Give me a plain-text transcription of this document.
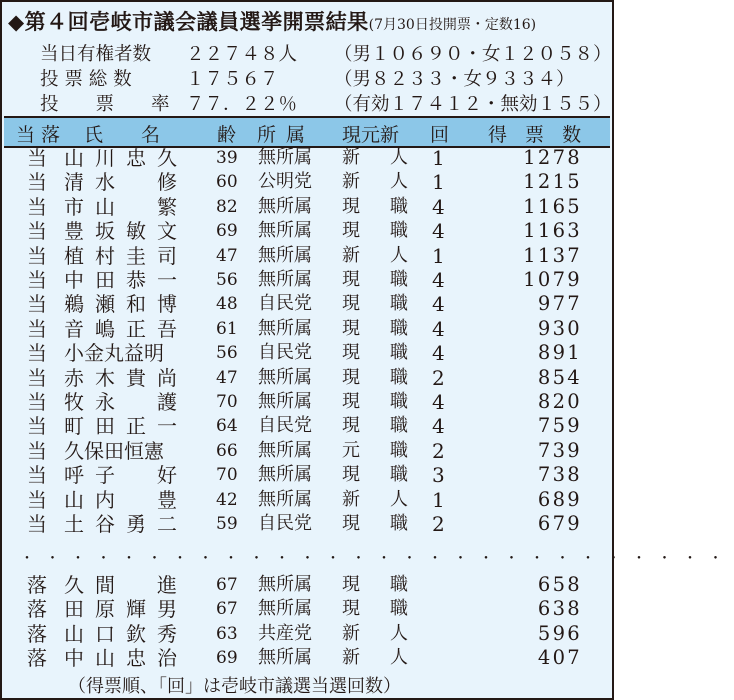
◆第４回壱岐市議会議員選挙開票結果(7月30日投開票・定数16)
当日有権者数 ２２７４８人 （男１０６９０・女１２０５８）
投 票 総 数	１７５６７	（男８２３３・女９３３４）
投　　票　　率 ７７．２２％ （有効１７４１２・無効１５５）
当落 氏　　名	齢 所属 現元新 回 得 票 数
当 山川忠久 39 無所属 新　人 1	1278
当 清水　修 60 公明党 新　人 1	1215
当 市山　繁 82 無所属 現　職 4	1165
当 豊坂敏文 69 無所属 現　職 4	1163
当 植村圭司 47 無所属 新　人 1	1137
当 中田恭一 56 無所属 現　職 4	1079
当 鵜瀬和博 48 自民党 現　職 4	977
当 音嶋正吾 61 無所属 現　職 4	930
当 小金丸益明	56 自民党 現　職 4	891
当 赤木貴尚 47 無所属 現　職 2	854
当 牧永　護 70 無所属 現　職 4	820
当 町田正一 64 自民党 現　職 4	759
当 久保田恒憲	66 無所属 元　職 2	739
当 呼子　好 70 無所属 現　職 3	738
当 山内　豊 42 無所属 新　人 1	689
当 土谷勇二 59 自民党 現　職 2	679
・・・・・・・・・・・・・・・・・・・・・・・・・・・・
落 久間　進 67 無所属 現　職	658
落 田原輝男 67 無所属 現　職	638
落 山口欽秀 63 共産党 新　人	596
落 中山忠治 69 無所属 新　人	407
（得票順、「回」は壱岐市議選当選回数）
